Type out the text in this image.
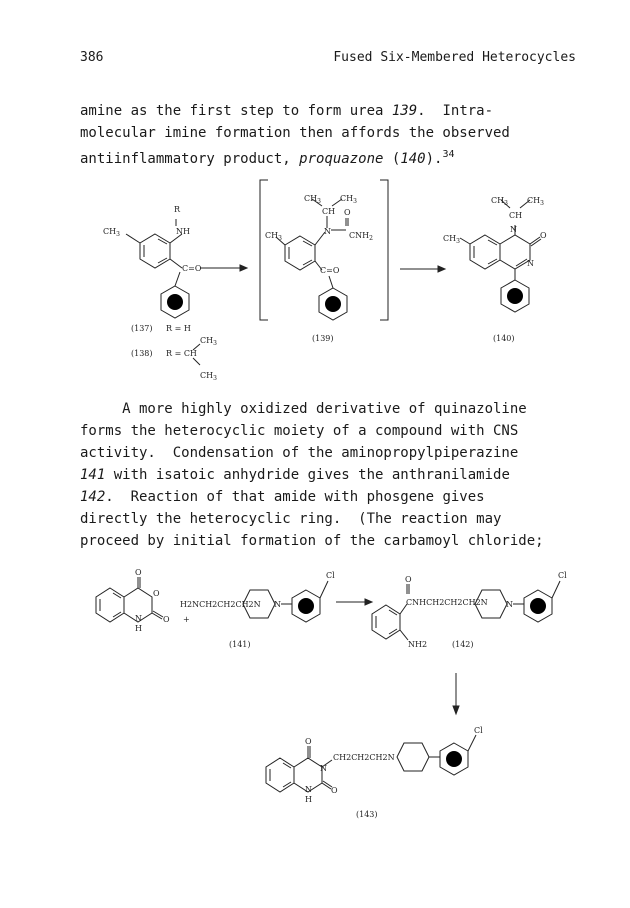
386	Fused Six-Membered Heterocycles
amine as the first step to form urea 139.  Intra-
molecular imine formation then affords the observed
antiinflammatory product, proquazone (140).$^{34}$
R
NH
$CH_3$
C=O
(137) R = H
(138) R = CH
$CH_3$
$CH_3$
$CH_3$ $CH_3$
CH O
N $CNH_2$
$CH_3$
C=O
(139)
$CH_3$ $CH_3$
CH
N
O
N
$CH_3$
(140)
O
O
O
N
H
+
H2NCH2CH2CH2N N
Cl
(141)
O
CNHCH2CH2CH2N N
Cl
NH2	(142)
O
N
O
N
H
CH2CH2CH2N
Cl
(143)
A more highly oxidized derivative of quinazoline
forms the heterocyclic moiety of a compound with CNS
activity.  Condensation of the aminopropylpiperazine
141 with isatoic anhydride gives the anthranilamide
142.  Reaction of that amide with phosgene gives
directly the heterocyclic ring.  (The reaction may
proceed by initial formation of the carbamoyl chloride;
